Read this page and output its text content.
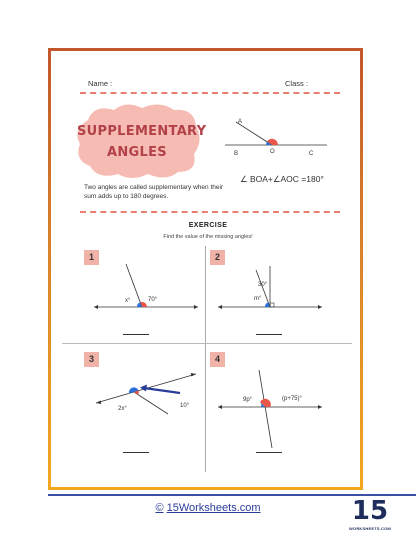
Name :	Class :
SUPPLEMENTARY
ANGLES
A
B	O	C
Two angles are called supplementary when their sum adds up to 180 degrees.
∠ BOA+∠AOC =180°
EXERCISE
Find the value of the missing angles!
1
x°	70°
2
30°
m°
3
2x°	10°
4
9p°	(p+75)°
© 15Worksheets.com	15
WORKSHEETS.COM
